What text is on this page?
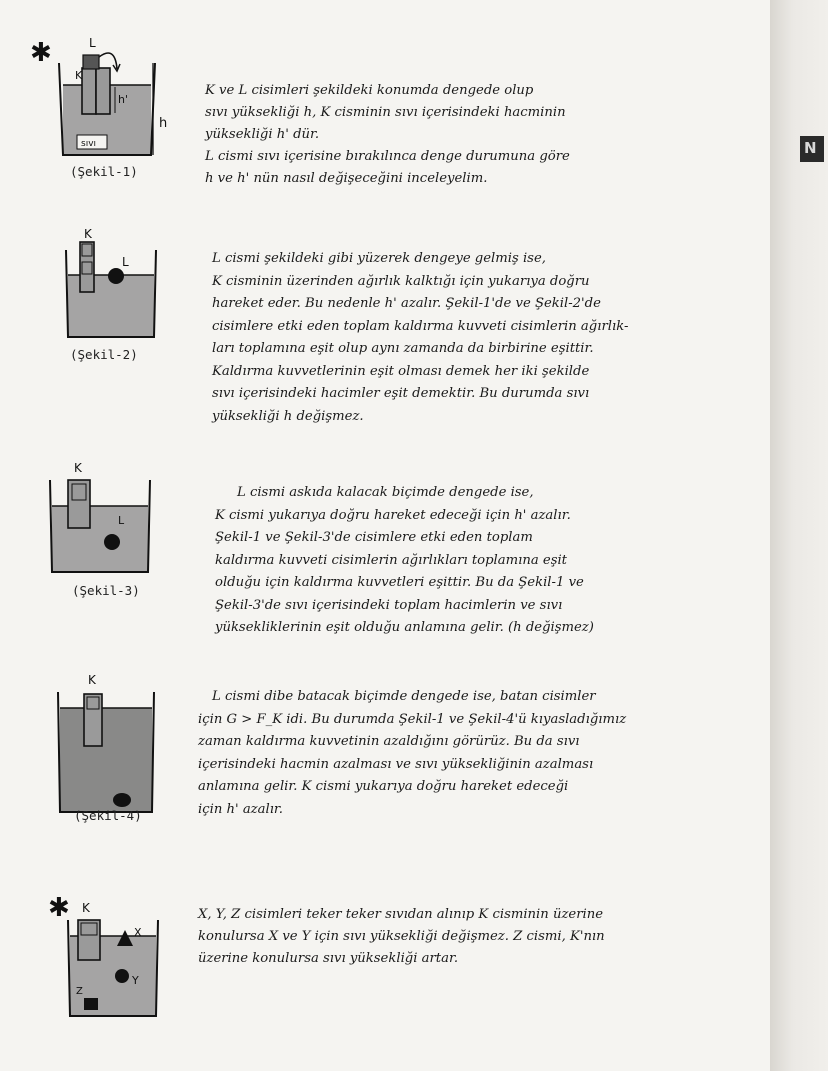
N
✱
✱
K
L
h'
h
sıvı
(Şekil-1)
K
L
(Şekil-2)
K
L
(Şekil-3)
K
(Şekil-4)
K
X
Y
Z
K ve L cisimleri şekildeki konumda dengede olup
sıvı yüksekliği h, K cisminin sıvı içerisindeki hacminin
yüksekliği h' dür.
L cismi sıvı içerisine bırakılınca denge durumuna göre
h ve h' nün nasıl değişeceğini inceleyelim.
L cismi şekildeki gibi yüzerek dengeye gelmiş ise,
K cisminin üzerinden ağırlık kalktığı için yukarıya doğru
hareket eder. Bu nedenle h' azalır. Şekil-1'de ve Şekil-2'de
cisimlere etki eden toplam kaldırma kuvveti cisimlerin ağırlık-
ları toplamına eşit olup aynı zamanda da birbirine eşittir.
Kaldırma kuvvetlerinin eşit olması demek her iki şekilde
sıvı içerisindeki hacimler eşit demektir. Bu durumda sıvı
yüksekliği h değişmez.
L cismi askıda kalacak biçimde dengede ise,
K cismi yukarıya doğru hareket edeceği için h' azalır.
Şekil-1 ve Şekil-3'de cisimlere etki eden toplam
kaldırma kuvveti cisimlerin ağırlıkları toplamına eşit
olduğu için kaldırma kuvvetleri eşittir. Bu da Şekil-1 ve
Şekil-3'de sıvı içerisindeki toplam hacimlerin ve sıvı
yüksekliklerinin eşit olduğu anlamına gelir. (h değişmez)
L cismi dibe batacak biçimde dengede ise, batan cisimler
için G > F_K idi. Bu durumda Şekil-1 ve Şekil-4'ü kıyasladığımız
zaman kaldırma kuvvetinin azaldığını görürüz. Bu da sıvı
içerisindeki hacmin azalması ve sıvı yüksekliğinin azalması
anlamına gelir. K cismi yukarıya doğru hareket edeceği
için h' azalır.
X, Y, Z cisimleri teker teker sıvıdan alınıp K cisminin üzerine
konulursa X ve Y için sıvı yüksekliği değişmez. Z cismi, K'nın
üzerine konulursa sıvı yüksekliği artar.
